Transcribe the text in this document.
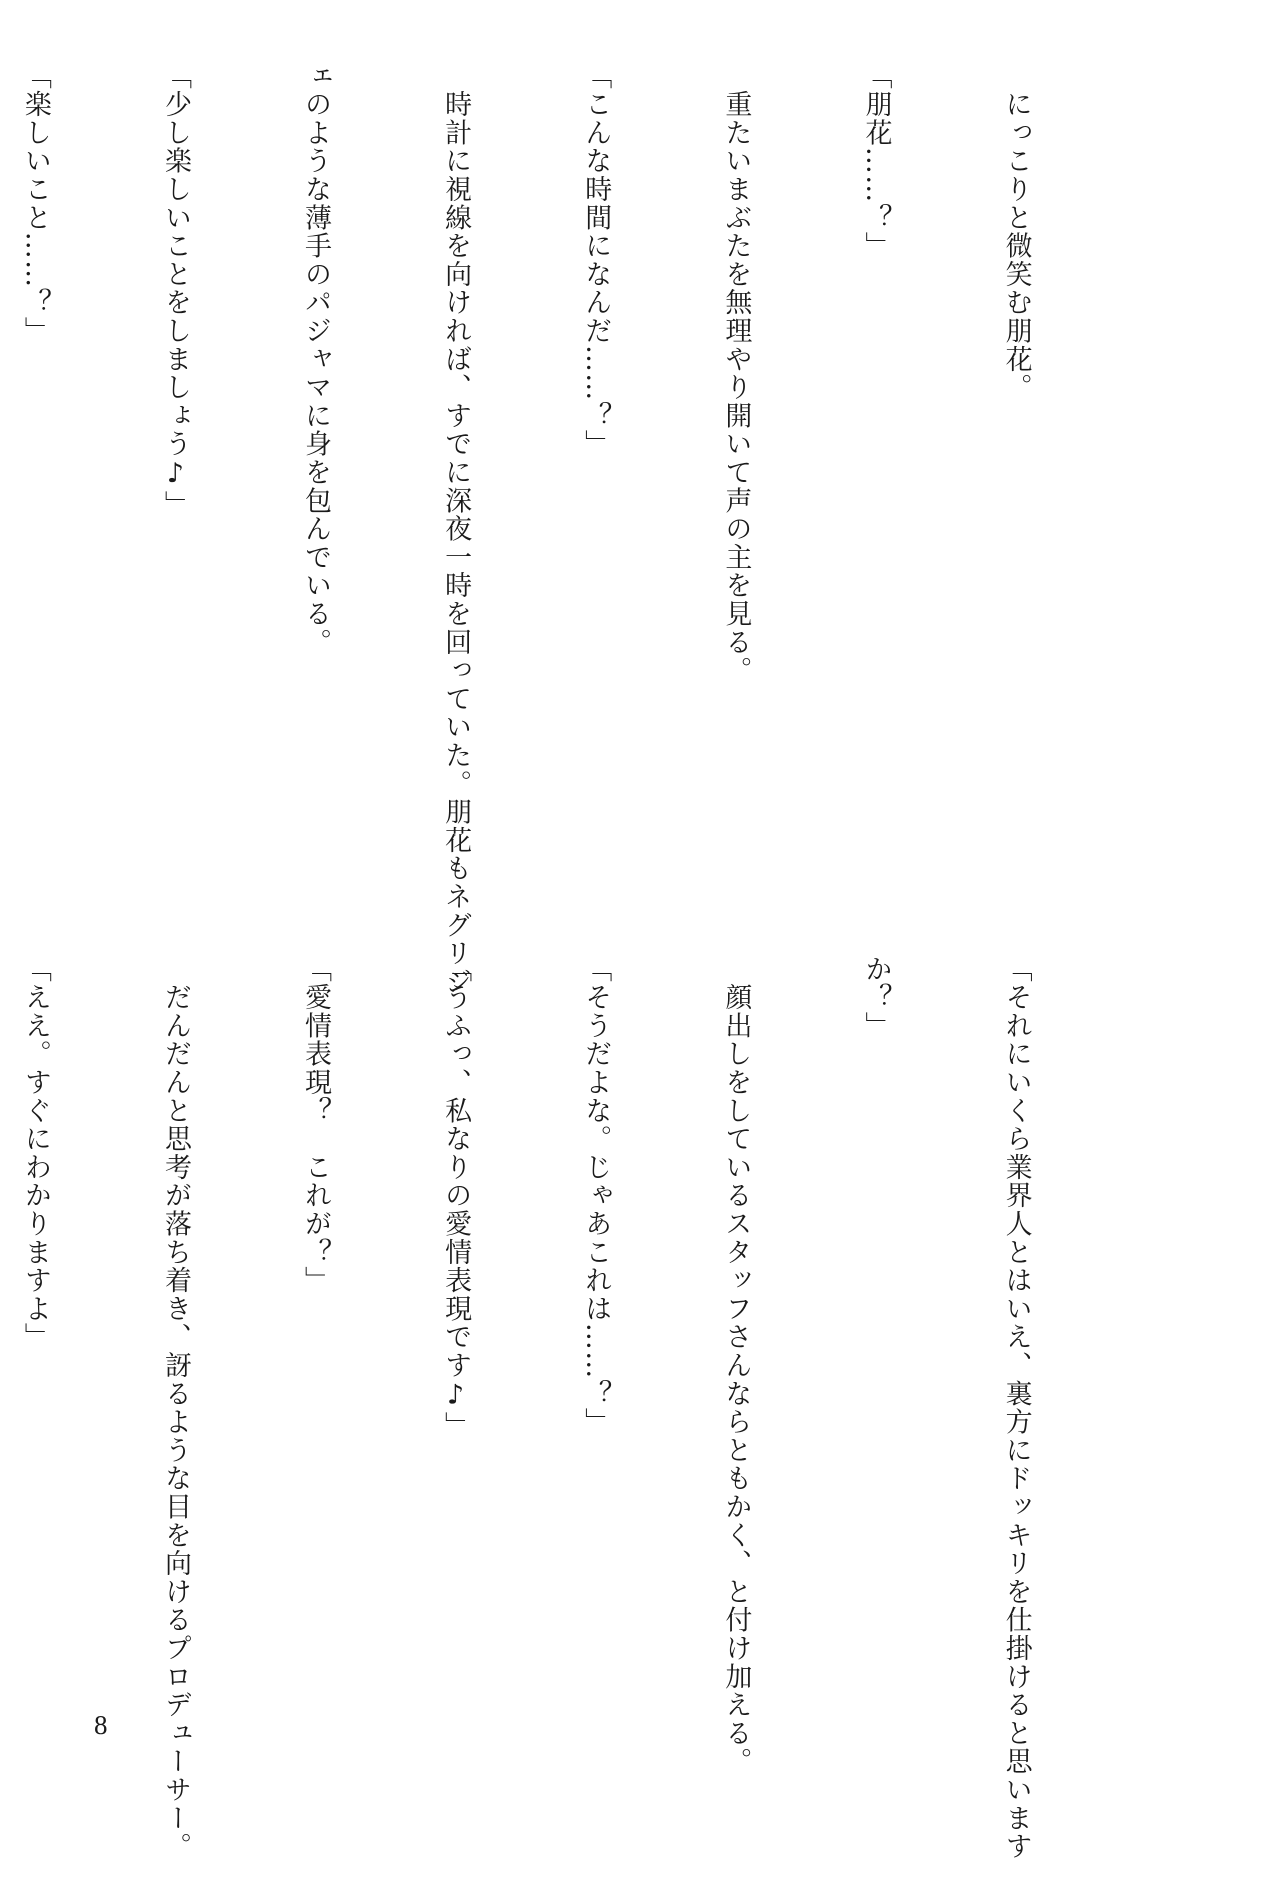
　にっこりと微笑む朋花。

「朋花……？」

　重たいまぶたを無理やり開いて声の主を見る。

「こんな時間になんだ……？」

　時計に視線を向ければ、すでに深夜一時を回っていた。朋花もネグリジ

ェのような薄手のパジャマに身を包んでいる。

「少し楽しいことをしましょう♪」

「楽しいこと……？」

「それにいくら業界人とはいえ、裏方にドッキリを仕掛けると思います

か？」

　顔出しをしているスタッフさんならともかく、と付け加える。

「そうだよな。じゃあこれは……？」

「うふっ、私なりの愛情表現です♪」

「愛情表現？　これが？」

　だんだんと思考が落ち着き、訝るような目を向けるプロデューサー。

「ええ。すぐにわかりますよ」

8
